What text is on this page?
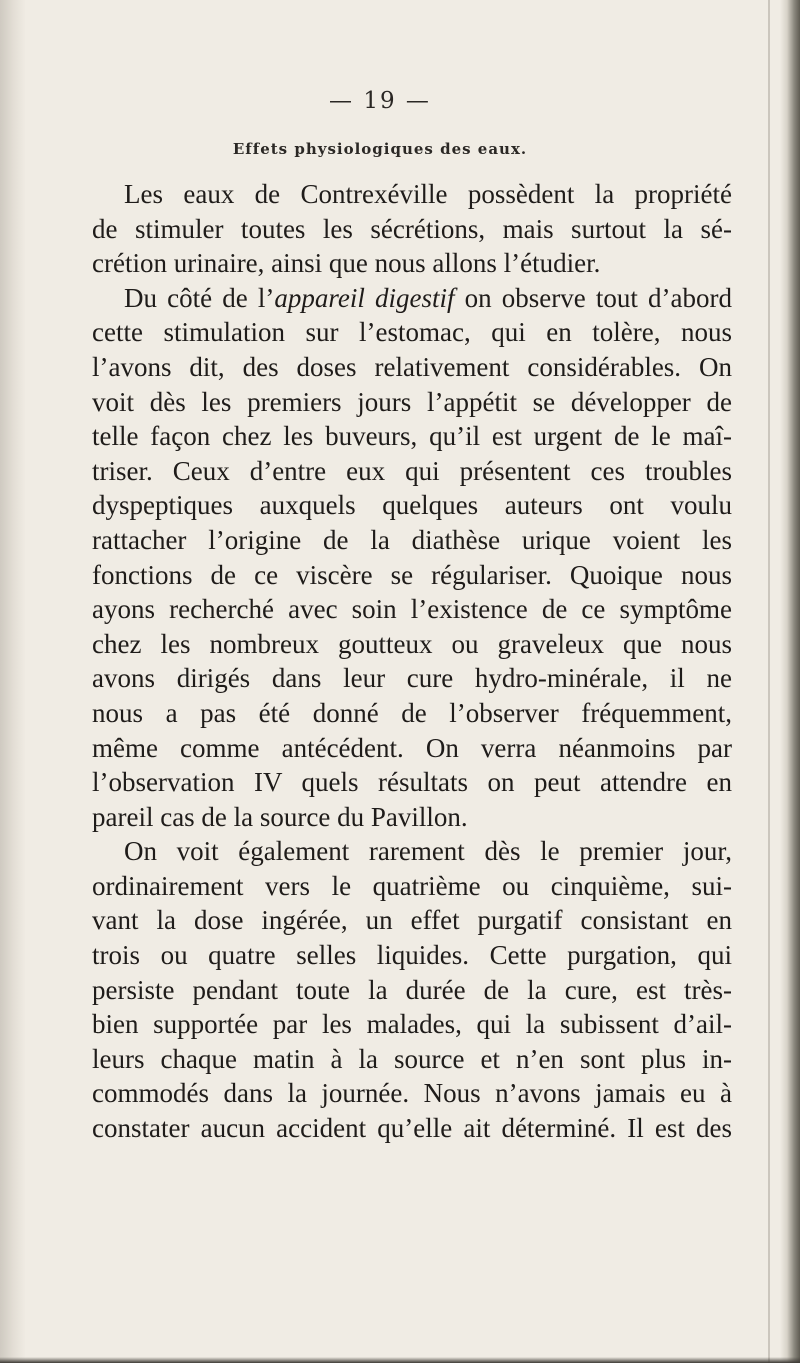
— 19 —
Effets physiologiques des eaux.
Les eaux de Contrexéville possèdent la propriété
de stimuler toutes les sécrétions, mais surtout la sé-
crétion urinaire, ainsi que nous allons l’étudier.
Du côté de l’appareil digestif on observe tout d’abord
cette stimulation sur l’estomac, qui en tolère, nous
l’avons dit, des doses relativement considérables. On
voit dès les premiers jours l’appétit se développer de
telle façon chez les buveurs, qu’il est urgent de le maî-
triser. Ceux d’entre eux qui présentent ces troubles
dyspeptiques auxquels quelques auteurs ont voulu
rattacher l’origine de la diathèse urique voient les
fonctions de ce viscère se régulariser. Quoique nous
ayons recherché avec soin l’existence de ce symptôme
chez les nombreux goutteux ou graveleux que nous
avons dirigés dans leur cure hydro-minérale, il ne
nous a pas été donné de l’observer fréquemment,
même comme antécédent. On verra néanmoins par
l’observation IV quels résultats on peut attendre en
pareil cas de la source du Pavillon.
On voit également rarement dès le premier jour,
ordinairement vers le quatrième ou cinquième, sui-
vant la dose ingérée, un effet purgatif consistant en
trois ou quatre selles liquides. Cette purgation, qui
persiste pendant toute la durée de la cure, est très-
bien supportée par les malades, qui la subissent d’ail-
leurs chaque matin à la source et n’en sont plus in-
commodés dans la journée. Nous n’avons jamais eu à
constater aucun accident qu’elle ait déterminé. Il est des
